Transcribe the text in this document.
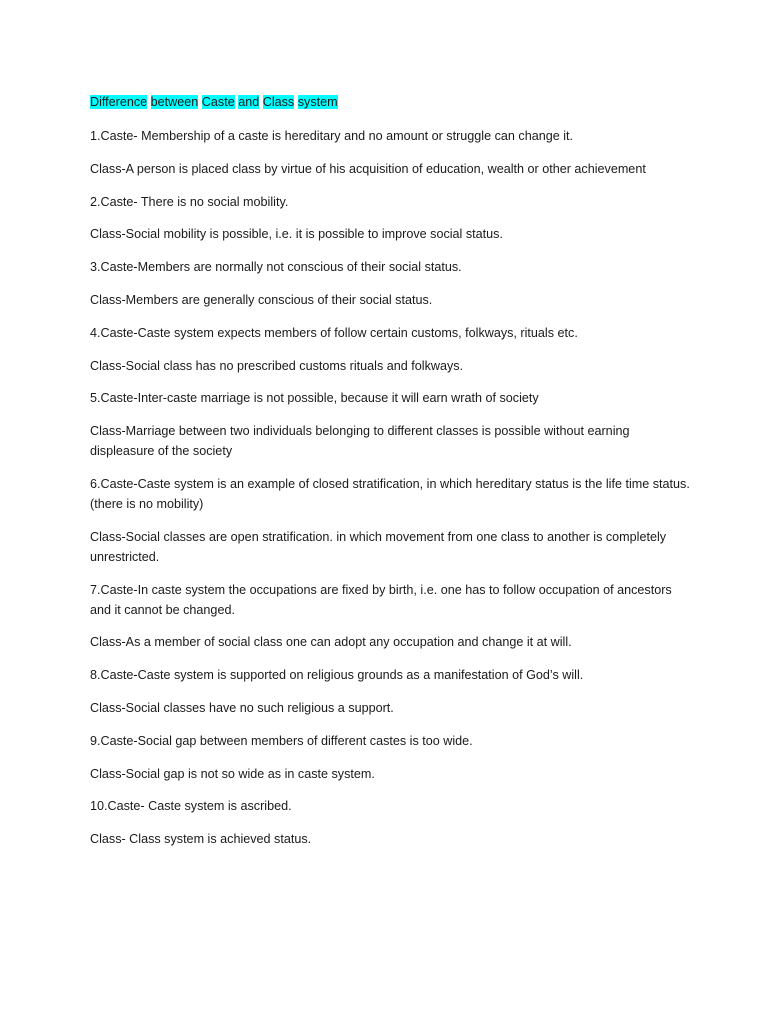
Difference between Caste and Class system

1.Caste- Membership of a caste is hereditary and no amount or struggle can change it.

Class-A person is placed class by virtue of his acquisition of education, wealth or other achievement

2.Caste- There is no social mobility.

Class-Social mobility is possible, i.e. it is possible to improve social status.

3.Caste-Members are normally not conscious of their social status.

Class-Members are generally conscious of their social status.

4.Caste-Caste system expects members of follow certain customs, folkways, rituals etc.

Class-Social class has no prescribed customs rituals and folkways.

5.Caste-Inter-caste marriage is not possible, because it will earn wrath of society

Class-Marriage between two individuals belonging to different classes is possible without earning displeasure of the society

6.Caste-Caste system is an example of closed stratification, in which hereditary status is the life time status.(there is no mobility)

Class-Social classes are open stratification. in which movement from one class to another is completely unrestricted.

7.Caste-In caste system the occupations are fixed by birth, i.e. one has to follow occupation of ancestors and it cannot be changed.

Class-As a member of social class one can adopt any occupation and change it at will.

8.Caste-Caste system is supported on religious grounds as a manifestation of God’s will.

Class-Social classes have no such religious a support.

9.Caste-Social gap between members of different castes is too wide.

Class-Social gap is not so wide as in caste system.

10.Caste- Caste system is ascribed.

Class- Class system is achieved status.
